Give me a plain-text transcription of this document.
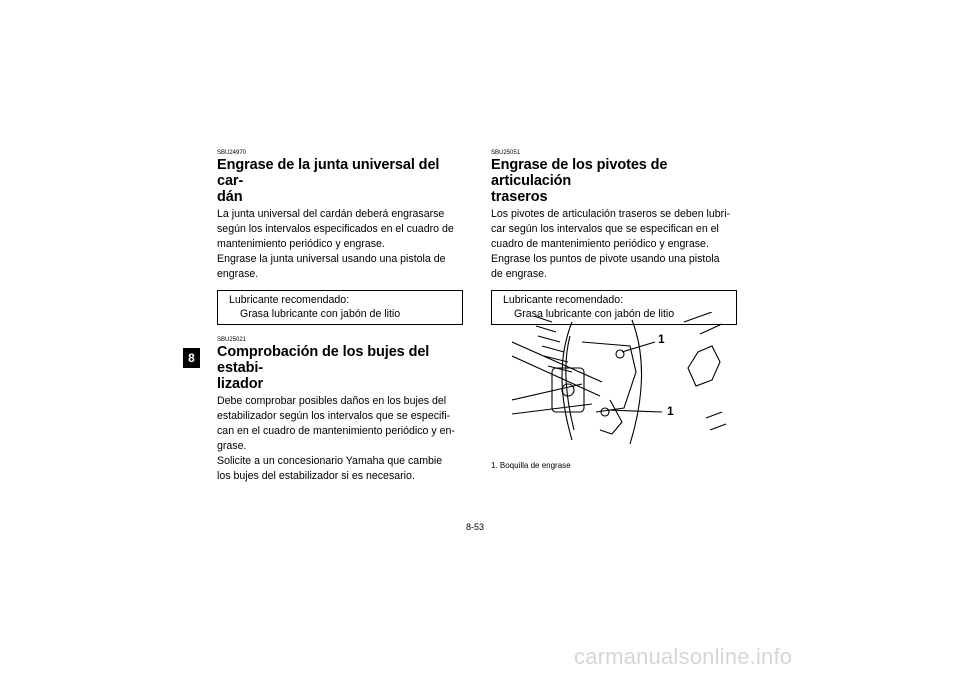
8

SBU24970

Engrase de la junta universal del car-
dán

La junta universal del cardán deberá engrasarse
según los intervalos especificados en el cuadro de
mantenimiento periódico y engrase.
Engrase la junta universal usando una pistola de
engrase.

Lubricante recomendado:
Grasa lubricante con jabón de litio

SBU25021

Comprobación de los bujes del estabi-
lizador

Debe comprobar posibles daños en los bujes del
estabilizador según los intervalos que se especifi-
can en el cuadro de mantenimiento periódico y en-
grase.
Solicite a un concesionario Yamaha que cambie
los bujes del estabilizador si es necesario.

SBU25051

Engrase de los pivotes de articulación
traseros

Los pivotes de articulación traseros se deben lubri-
car según los intervalos que se especifican en el
cuadro de mantenimiento periódico y engrase.
Engrase los puntos de pivote usando una pistola
de engrase.

Lubricante recomendado:
Grasa lubricante con jabón de litio
1
1
1. Boquilla de engrase
8-53
carmanualsonline.info
